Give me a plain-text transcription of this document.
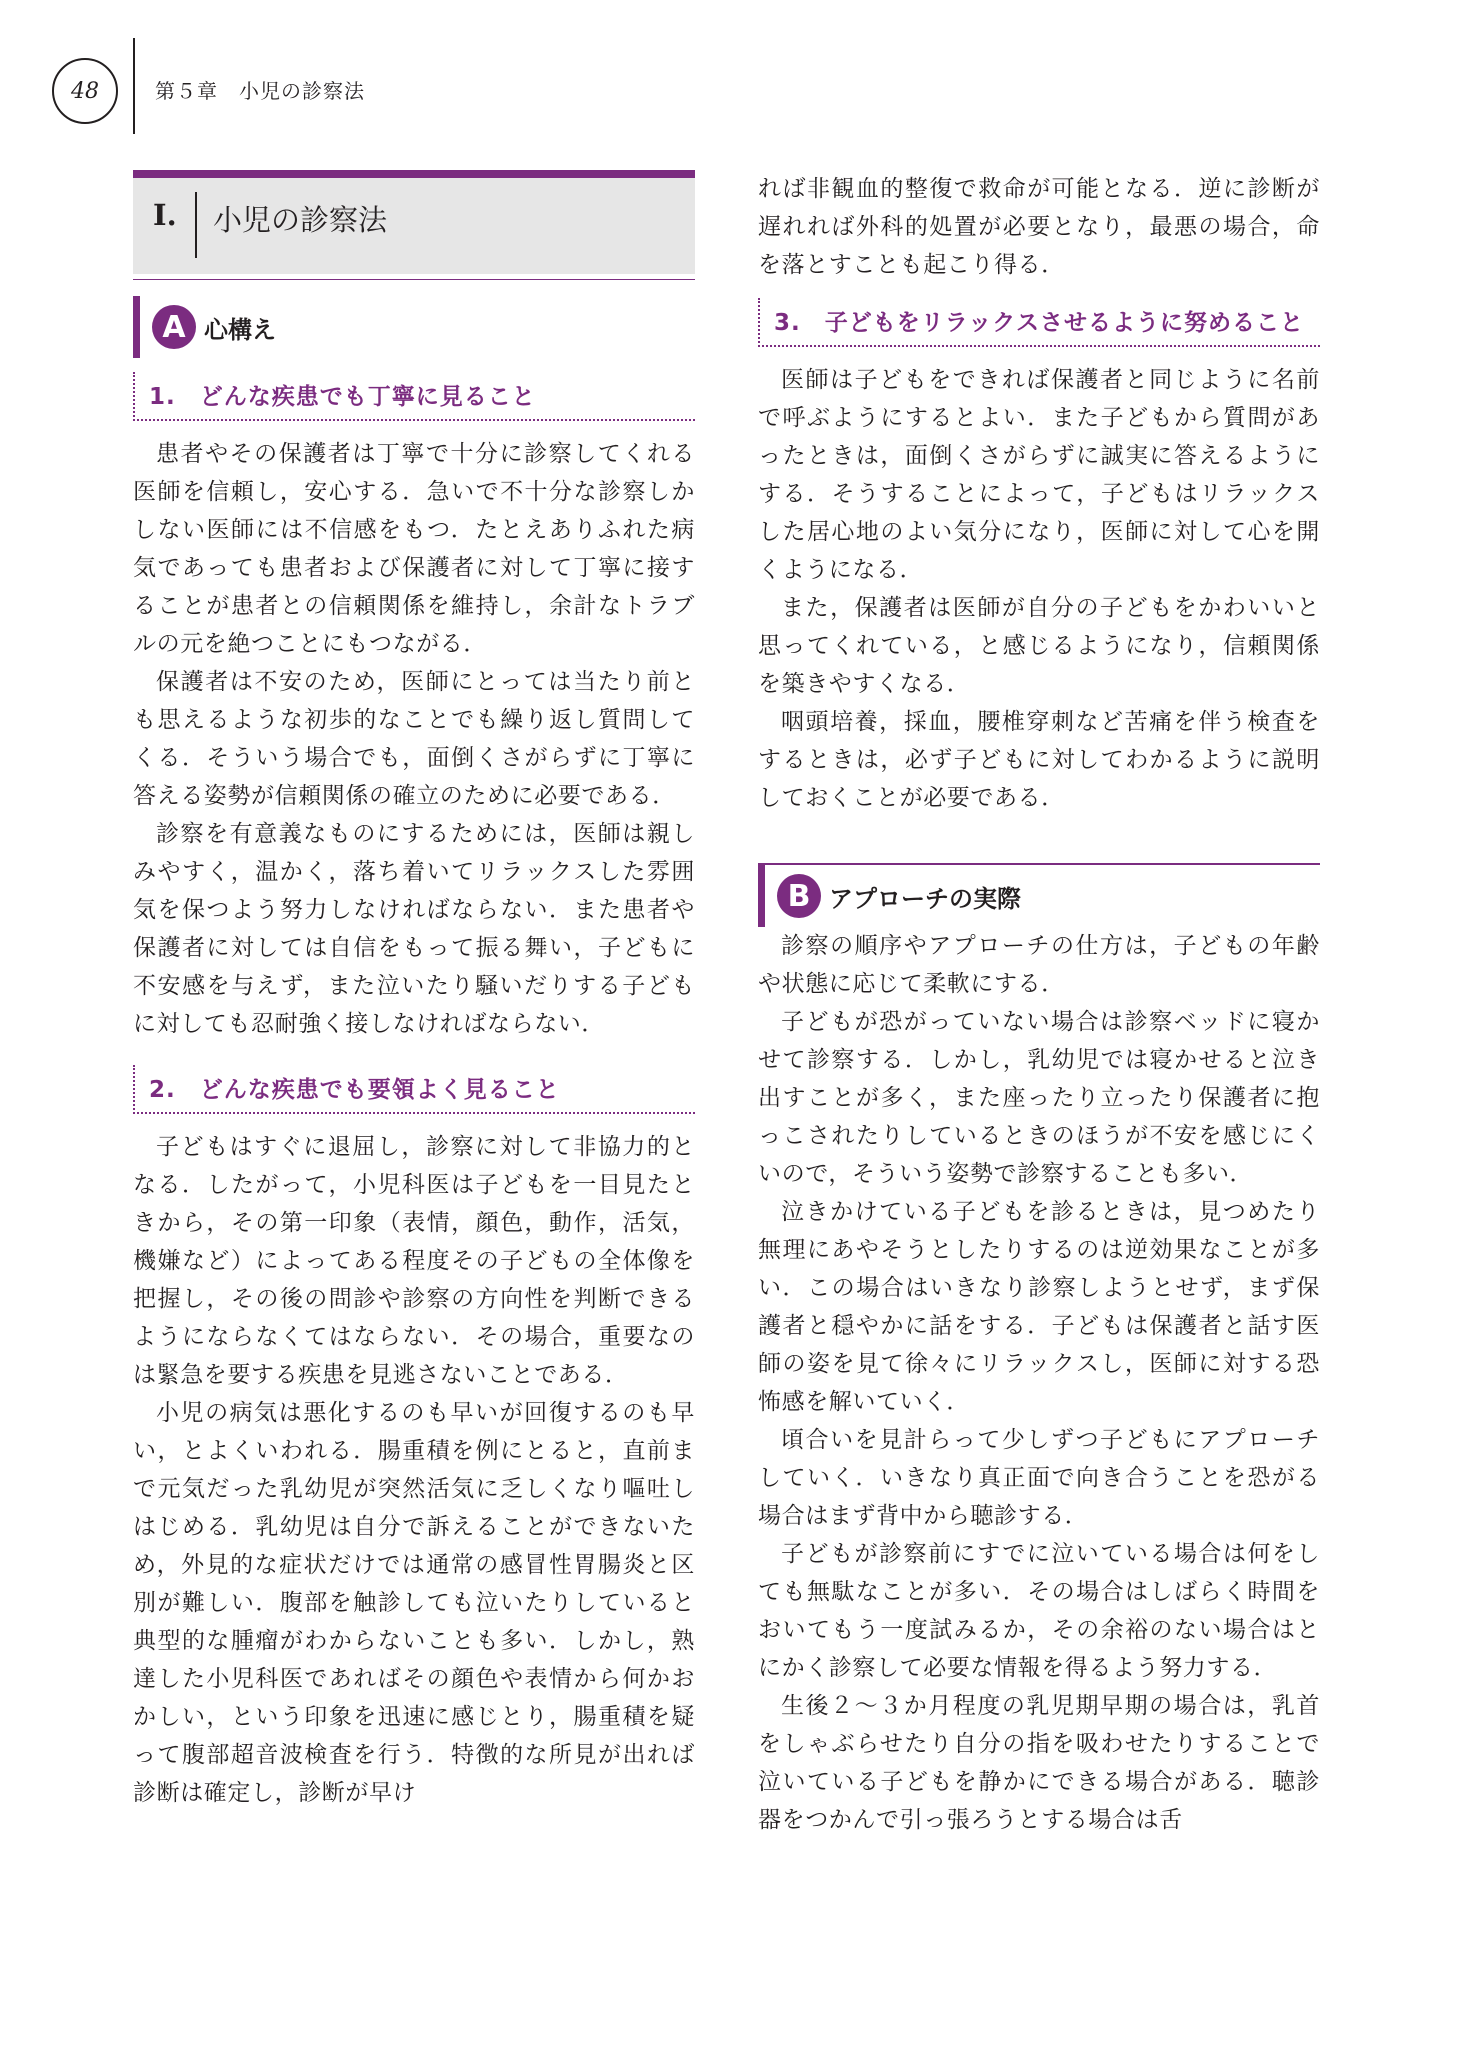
48	第５章　小児の診察法
I. 小児の診察法
A 心構え
1.　どんな疾患でも丁寧に見ること

患者やその保護者は丁寧で十分に診察してくれる医師を信頼し，安心する．急いで不十分な診察しかしない医師には不信感をもつ．たとえありふれた病気であっても患者および保護者に対して丁寧に接することが患者との信頼関係を維持し，余計なトラブルの元を絶つことにもつながる．

保護者は不安のため，医師にとっては当たり前とも思えるような初歩的なことでも繰り返し質問してくる．そういう場合でも，面倒くさがらずに丁寧に答える姿勢が信頼関係の確立のために必要である．

診察を有意義なものにするためには，医師は親しみやすく，温かく，落ち着いてリラックスした雰囲気を保つよう努力しなければならない．また患者や保護者に対しては自信をもって振る舞い，子どもに不安感を与えず，また泣いたり騒いだりする子どもに対しても忍耐強く接しなければならない．

2.　どんな疾患でも要領よく見ること

子どもはすぐに退屈し，診察に対して非協力的となる．したがって，小児科医は子どもを一目見たときから，その第一印象（表情，顔色，動作，活気，機嫌など）によってある程度その子どもの全体像を把握し，その後の問診や診察の方向性を判断できるようにならなくてはならない．その場合，重要なのは緊急を要する疾患を見逃さないことである．

小児の病気は悪化するのも早いが回復するのも早い，とよくいわれる．腸重積を例にとると，直前まで元気だった乳幼児が突然活気に乏しくなり嘔吐しはじめる．乳幼児は自分で訴えることができないため，外見的な症状だけでは通常の感冒性胃腸炎と区別が難しい．腹部を触診しても泣いたりしていると典型的な腫瘤がわからないことも多い．しかし，熟達した小児科医であればその顔色や表情から何かおかしい，という印象を迅速に感じとり，腸重積を疑って腹部超音波検査を行う．特徴的な所見が出れば診断は確定し，診断が早け

れば非観血的整復で救命が可能となる．逆に診断が遅れれば外科的処置が必要となり，最悪の場合，命を落とすことも起こり得る．

3.　子どもをリラックスさせるように努めること

医師は子どもをできれば保護者と同じように名前で呼ぶようにするとよい．また子どもから質問があったときは，面倒くさがらずに誠実に答えるようにする．そうすることによって，子どもはリラックスした居心地のよい気分になり，医師に対して心を開くようになる．

また，保護者は医師が自分の子どもをかわいいと思ってくれている，と感じるようになり，信頼関係を築きやすくなる．

咽頭培養，採血，腰椎穿刺など苦痛を伴う検査をするときは，必ず子どもに対してわかるように説明しておくことが必要である．

B アプローチの実際

診察の順序やアプローチの仕方は，子どもの年齢や状態に応じて柔軟にする．

子どもが恐がっていない場合は診察ベッドに寝かせて診察する．しかし，乳幼児では寝かせると泣き出すことが多く，また座ったり立ったり保護者に抱っこされたりしているときのほうが不安を感じにくいので，そういう姿勢で診察することも多い．

泣きかけている子どもを診るときは，見つめたり無理にあやそうとしたりするのは逆効果なことが多い．この場合はいきなり診察しようとせず，まず保護者と穏やかに話をする．子どもは保護者と話す医師の姿を見て徐々にリラックスし，医師に対する恐怖感を解いていく．

頃合いを見計らって少しずつ子どもにアプローチしていく．いきなり真正面で向き合うことを恐がる場合はまず背中から聴診する．

子どもが診察前にすでに泣いている場合は何をしても無駄なことが多い．その場合はしばらく時間をおいてもう一度試みるか，その余裕のない場合はとにかく診察して必要な情報を得るよう努力する．

生後２〜３か月程度の乳児期早期の場合は，乳首をしゃぶらせたり自分の指を吸わせたりすることで泣いている子どもを静かにできる場合がある．聴診器をつかんで引っ張ろうとする場合は舌
